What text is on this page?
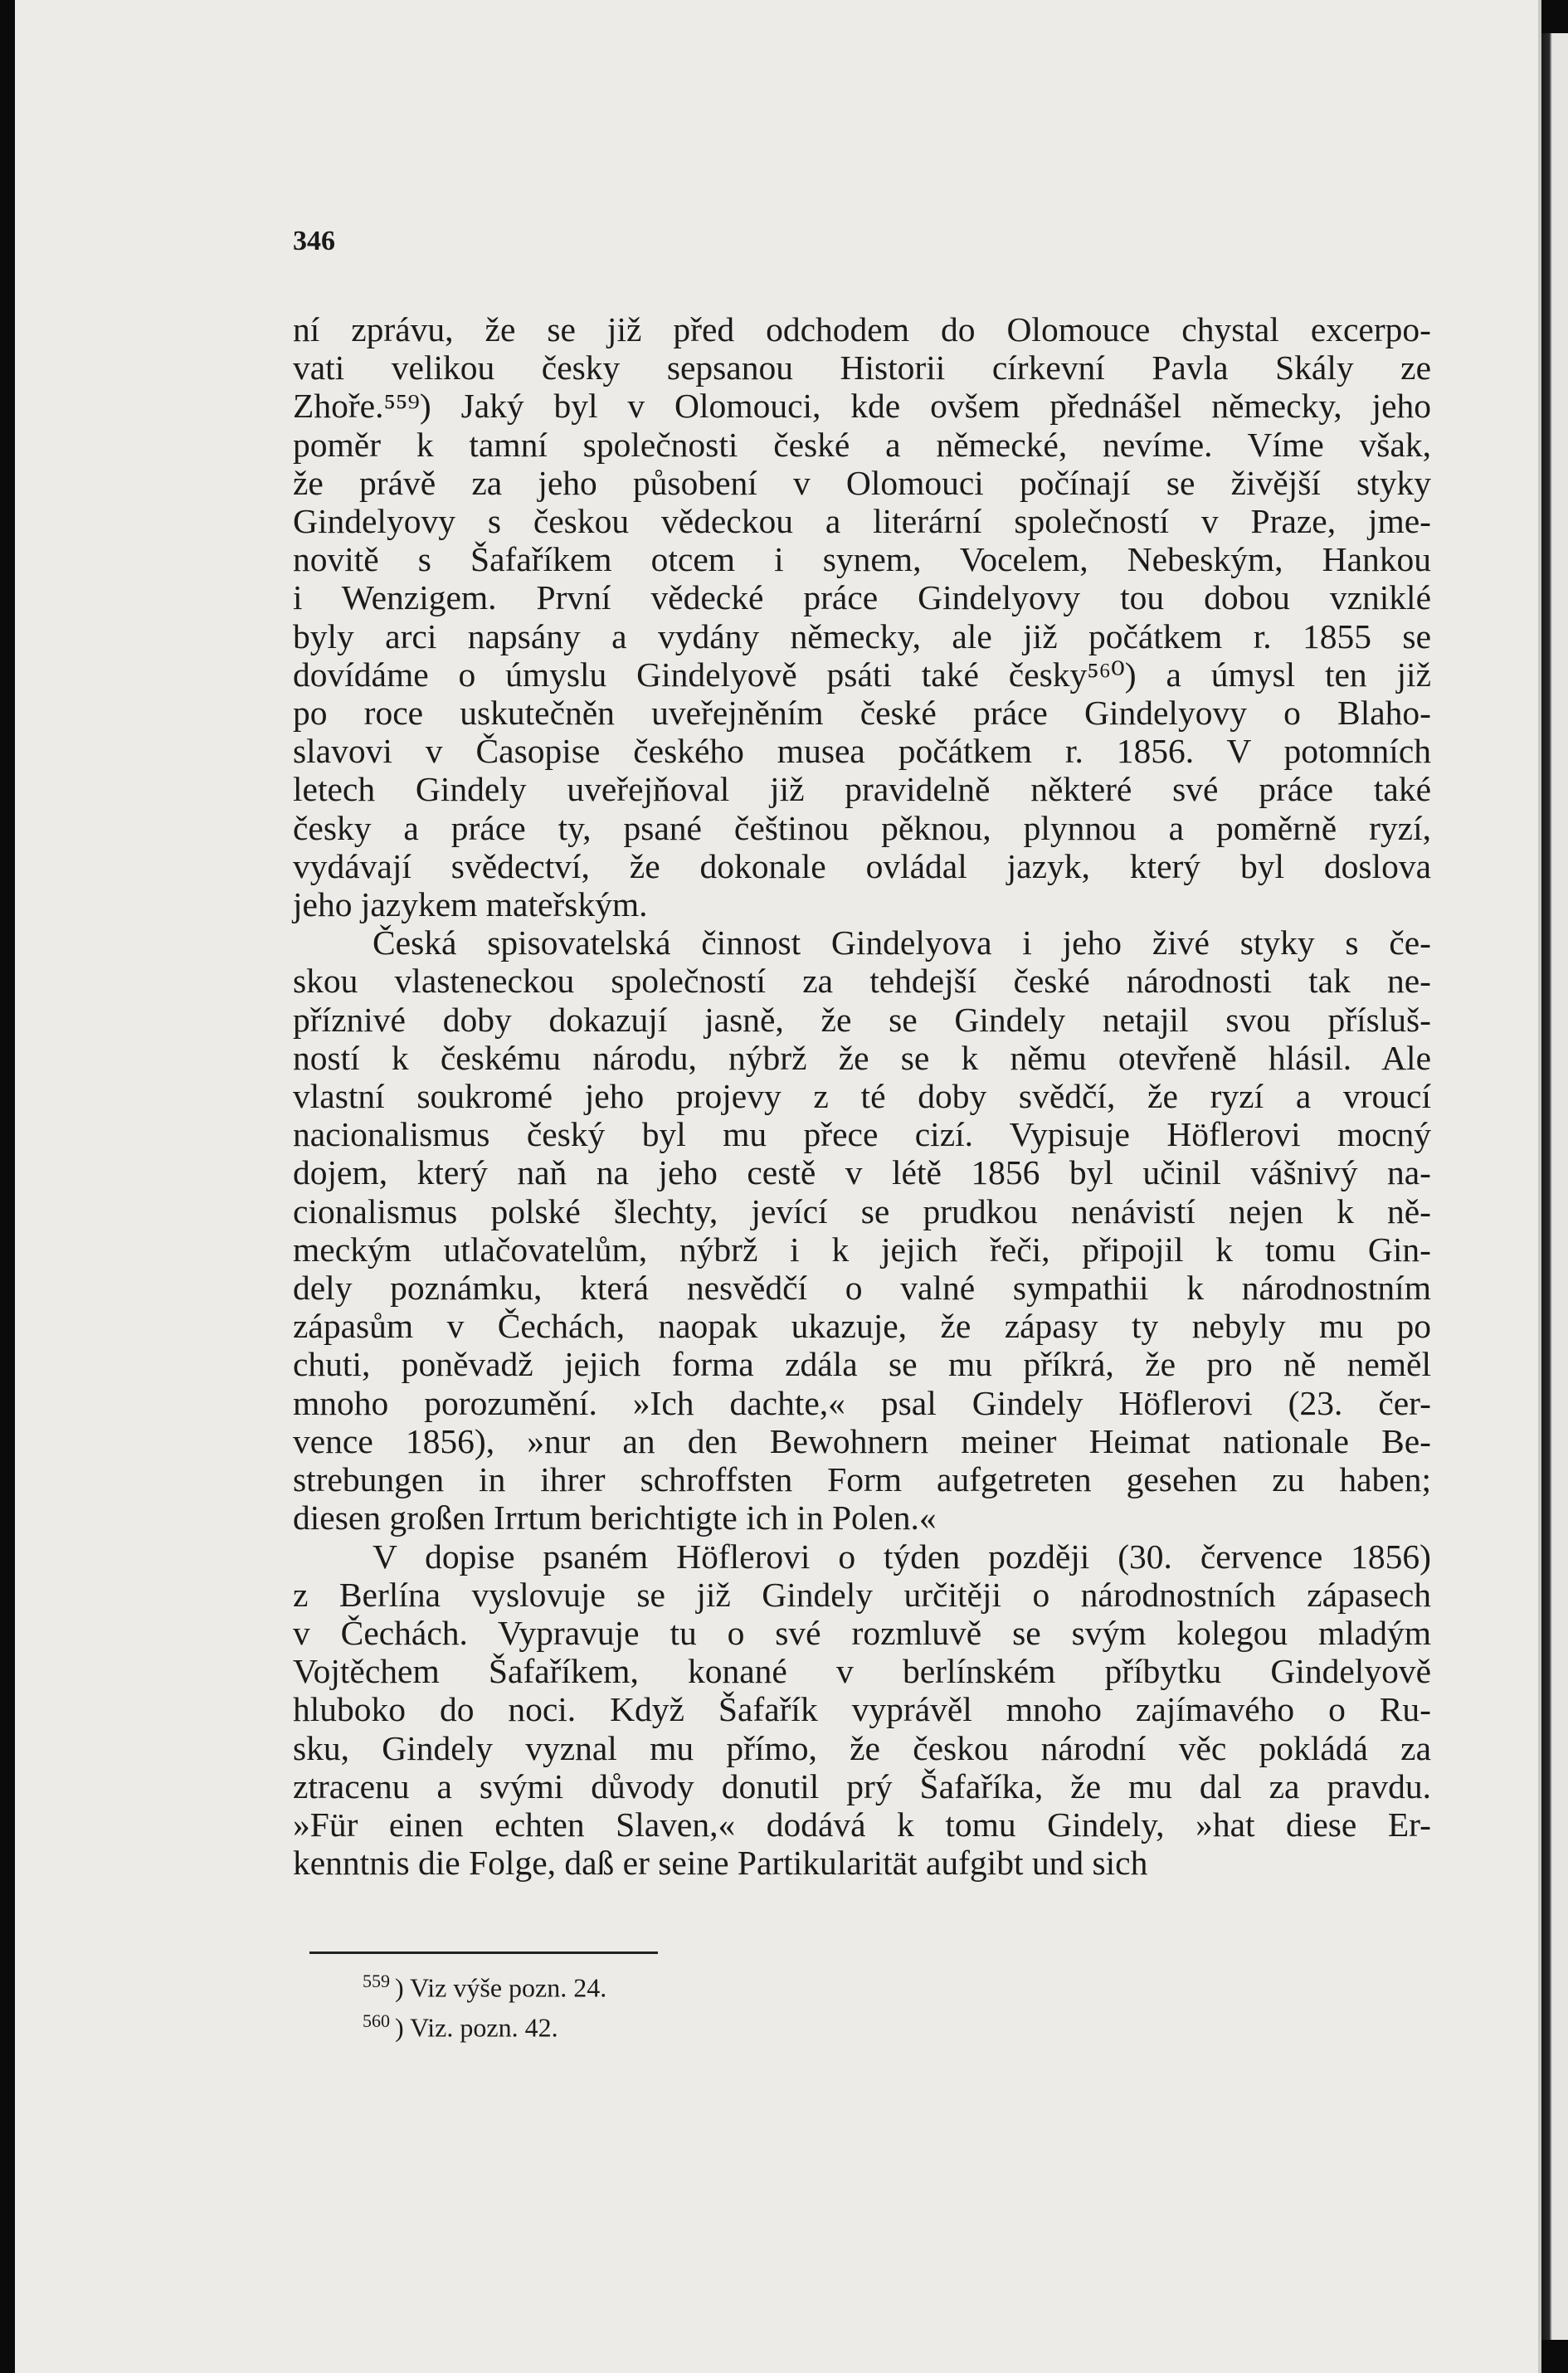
346
ní zprávu, že se již před odchodem do Olomouce chystal excerpo-
vati velikou česky sepsanou Historii církevní Pavla Skály ze
Zhoře.⁵⁵⁹) Jaký byl v Olomouci, kde ovšem přednášel německy, jeho
poměr k tamní společnosti české a německé, nevíme. Víme však,
že právě za jeho působení v Olomouci počínají se živější styky
Gindelyovy s českou vědeckou a literární společností v Praze, jme-
novitě s Šafaříkem otcem i synem, Vocelem, Nebeským, Hankou
i Wenzigem. První vědecké práce Gindelyovy tou dobou vzniklé
byly arci napsány a vydány německy, ale již počátkem r. 1855 se
dovídáme o úmyslu Gindelyově psáti také česky⁵⁶⁰) a úmysl ten již
po roce uskutečněn uveřejněním české práce Gindelyovy o Blaho-
slavovi v Časopise českého musea počátkem r. 1856. V potomních
letech Gindely uveřejňoval již pravidelně některé své práce také
česky a práce ty, psané češtinou pěknou, plynnou a poměrně ryzí,
vydávají svědectví, že dokonale ovládal jazyk, který byl doslova
jeho jazykem mateřským.
Česká spisovatelská činnost Gindelyova i jeho živé styky s če-
skou vlasteneckou společností za tehdejší české národnosti tak ne-
příznivé doby dokazují jasně, že se Gindely netajil svou přísluš-
ností k českému národu, nýbrž že se k němu otevřeně hlásil. Ale
vlastní soukromé jeho projevy z té doby svědčí, že ryzí a vroucí
nacionalismus český byl mu přece cizí. Vypisuje Höflerovi mocný
dojem, který naň na jeho cestě v létě 1856 byl učinil vášnivý na-
cionalismus polské šlechty, jevící se prudkou nenávistí nejen k ně-
meckým utlačovatelům, nýbrž i k jejich řeči, připojil k tomu Gin-
dely poznámku, která nesvědčí o valné sympathii k národnostním
zápasům v Čechách, naopak ukazuje, že zápasy ty nebyly mu po
chuti, poněvadž jejich forma zdála se mu příkrá, že pro ně neměl
mnoho porozumění. »Ich dachte,« psal Gindely Höflerovi (23. čer-
vence 1856), »nur an den Bewohnern meiner Heimat nationale Be-
strebungen in ihrer schroffsten Form aufgetreten gesehen zu haben;
diesen großen Irrtum berichtigte ich in Polen.«
V dopise psaném Höflerovi o týden později (30. července 1856)
z Berlína vyslovuje se již Gindely určitěji o národnostních zápasech
v Čechách. Vypravuje tu o své rozmluvě se svým kolegou mladým
Vojtěchem Šafaříkem, konané v berlínském příbytku Gindelyově
hluboko do noci. Když Šafařík vyprávěl mnoho zajímavého o Ru-
sku, Gindely vyznal mu přímo, že českou národní věc pokládá za
ztracenu a svými důvody donutil prý Šafaříka, že mu dal za pravdu.
»Für einen echten Slaven,« dodává k tomu Gindely, »hat diese Er-
kenntnis die Folge, daß er seine Partikularität aufgibt und sich
$^{559}$ ) Viz výše pozn. 24.
$^{560}$ ) Viz. pozn. 42.
